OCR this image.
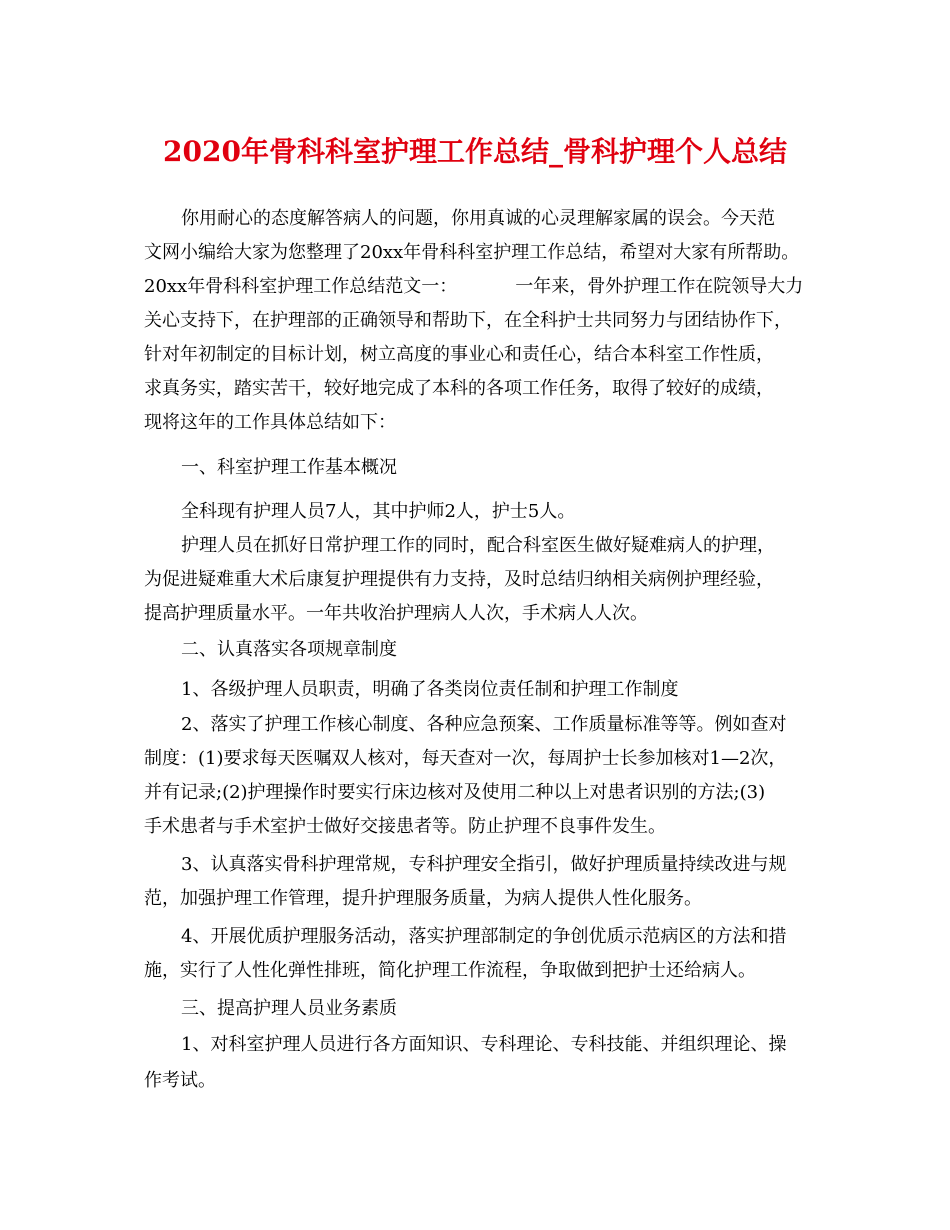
2020年骨科科室护理工作总结_骨科护理个人总结
你用耐心的态度解答病人的问题，你用真诚的心灵理解家属的误会。今天范
文网小编给大家为您整理了20xx年骨科科室护理工作总结，希望对大家有所帮助。
20xx年骨科科室护理工作总结范文一：	一年来，骨外护理工作在院领导大力
关心支持下，在护理部的正确领导和帮助下，在全科护士共同努力与团结协作下，
针对年初制定的目标计划，树立高度的事业心和责任心，结合本科室工作性质，
求真务实，踏实苦干，较好地完成了本科的各项工作任务，取得了较好的成绩，
现将这年的工作具体总结如下：
一、科室护理工作基本概况
全科现有护理人员7人，其中护师2人，护士5人。
护理人员在抓好日常护理工作的同时，配合科室医生做好疑难病人的护理，
为促进疑难重大术后康复护理提供有力支持，及时总结归纳相关病例护理经验，
提高护理质量水平。一年共收治护理病人人次，手术病人人次。
二、认真落实各项规章制度
1、各级护理人员职责，明确了各类岗位责任制和护理工作制度
2、落实了护理工作核心制度、各种应急预案、工作质量标准等等。例如查对
制度：(1)要求每天医嘱双人核对，每天查对一次，每周护士长参加核对1—2次，
并有记录;(2)护理操作时要实行床边核对及使用二种以上对患者识别的方法;(3)
手术患者与手术室护士做好交接患者等。防止护理不良事件发生。
3、认真落实骨科护理常规，专科护理安全指引，做好护理质量持续改进与规
范，加强护理工作管理，提升护理服务质量，为病人提供人性化服务。
4、开展优质护理服务活动，落实护理部制定的争创优质示范病区的方法和措
施，实行了人性化弹性排班，简化护理工作流程，争取做到把护士还给病人。
三、提高护理人员业务素质
1、对科室护理人员进行各方面知识、专科理论、专科技能、并组织理论、操
作考试。
